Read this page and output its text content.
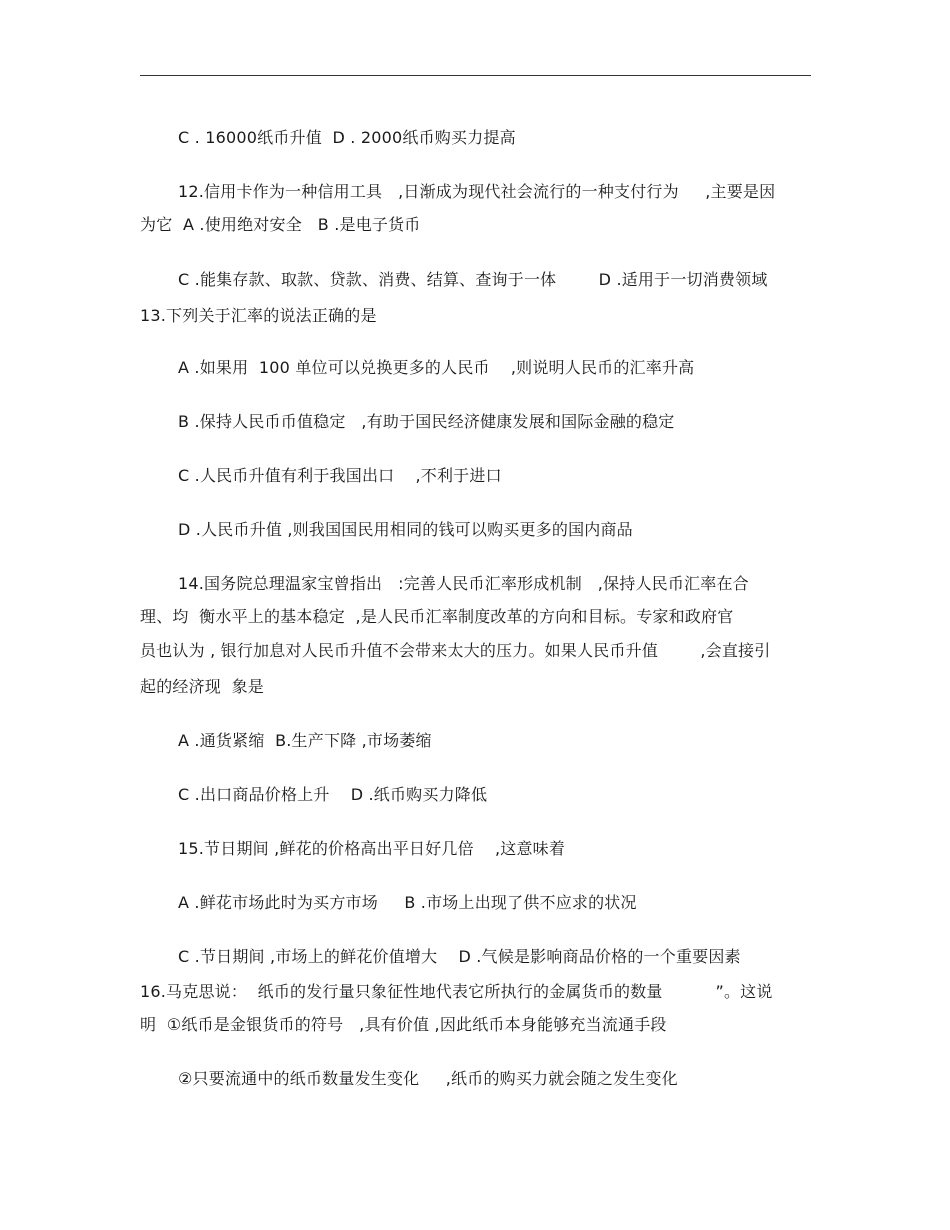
C . 16000纸币升值  D . 2000纸币购买力提高
12.信用卡作为一种信用工具   ,日渐成为现代社会流行的一种支付行为     ,主要是因
为它  A .使用绝对安全   B .是电子货币
C .能集存款、取款、贷款、消费、结算、查询于一体        D .适用于一切消费领域
13.下列关于汇率的说法正确的是
A .如果用  100 单位可以兑换更多的人民币    ,则说明人民币的汇率升高
B .保持人民币币值稳定   ,有助于国民经济健康发展和国际金融的稳定
C .人民币升值有利于我国出口    ,不利于进口
D .人民币升值 ,则我国国民用相同的钱可以购买更多的国内商品
14.国务院总理温家宝曾指出   :完善人民币汇率形成机制   ,保持人民币汇率在合
理、均  衡水平上的基本稳定  ,是人民币汇率制度改革的方向和目标。专家和政府官
员也认为 , 银行加息对人民币升值不会带来太大的压力。如果人民币升值        ,会直接引
起的经济现  象是
A .通货紧缩  B.生产下降 ,市场萎缩
C .出口商品价格上升    D .纸币购买力降低
15.节日期间 ,鲜花的价格高出平日好几倍    ,这意味着
A .鲜花市场此时为买方市场     B .市场上出现了供不应求的状况
C .节日期间 ,市场上的鲜花价值增大    D .气候是影响商品价格的一个重要因素
16.马克思说：  纸币的发行量只象征性地代表它所执行的金属货币的数量          ”。这说
明  ①纸币是金银货币的符号   ,具有价值 ,因此纸币本身能够充当流通手段
②只要流通中的纸币数量发生变化     ,纸币的购买力就会随之发生变化
